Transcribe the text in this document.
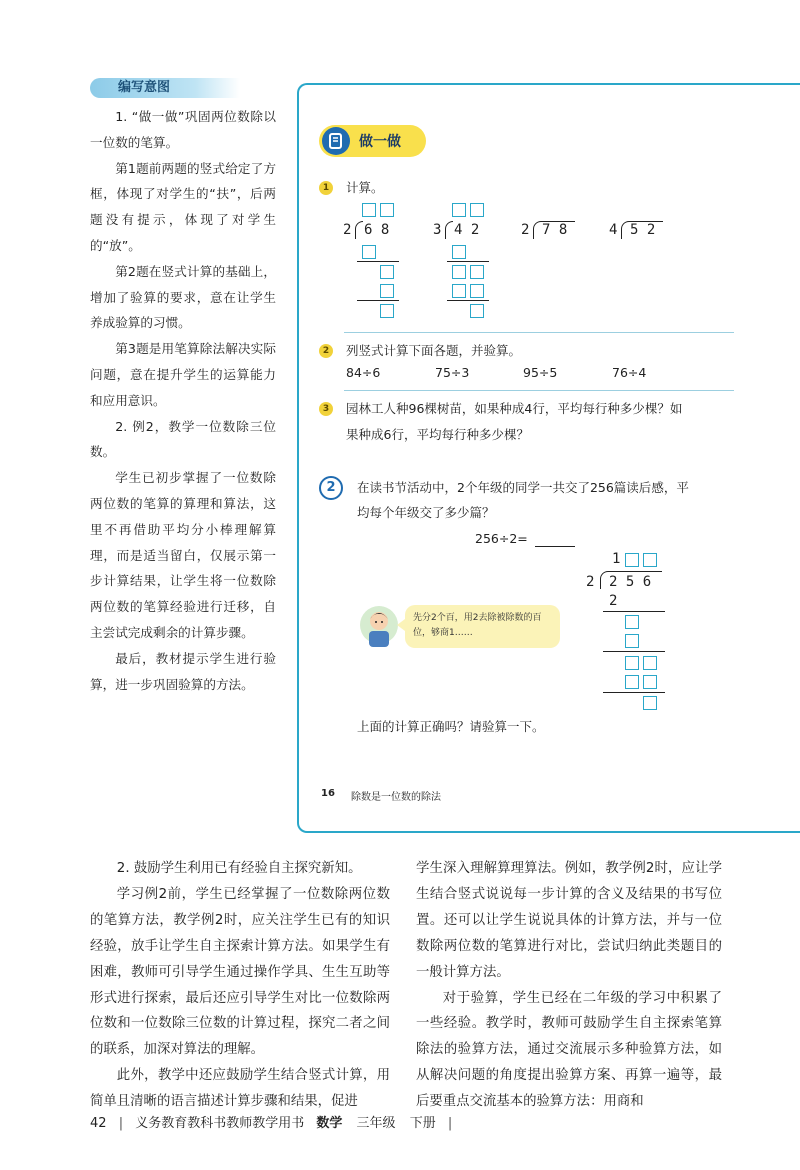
编写意图

1. “做一做”巩固两位数除以一位数的笔算。

第1题前两题的竖式给定了方框，体现了对学生的“扶”，后两题没有提示，体现了对学生的“放”。

第2题在竖式计算的基础上，增加了验算的要求，意在让学生养成验算的习惯。

第3题是用笔算除法解决实际问题，意在提升学生的运算能力和应用意识。

2. 例2，教学一位数除三位数。

学生已初步掌握了一位数除两位数的笔算的算理和算法，这里不再借助平均分小棒理解算理，而是适当留白，仅展示第一步计算结果，让学生将一位数除两位数的笔算经验进行迁移，自主尝试完成剩余的计算步骤。

最后，教材提示学生进行验算，进一步巩固验算的方法。

做一做
1	计算。
2 6 8	3 4 2	2 7 8	4 5 2
2	列竖式计算下面各题，并验算。
84÷6	75÷3	95÷5	76÷4
3	园林工人种96棵树苗，如果种成4行，平均每行种多少棵？如
果种成6行，平均每行种多少棵？
2	在读书节活动中，2个年级的同学一共交了256篇读后感，平
均每个年级交了多少篇？
256÷2=
1
2 2 5 6
2
先分2个百，用2去除被除数的百位，够商1……
上面的计算正确吗？请验算一下。
16 除数是一位数的除法

2. 鼓励学生利用已有经验自主探究新知。

学习例2前，学生已经掌握了一位数除两位数的笔算方法，教学例2时，应关注学生已有的知识经验，放手让学生自主探索计算方法。如果学生有困难，教师可引导学生通过操作学具、生生互助等形式进行探索，最后还应引导学生对比一位数除两位数和一位数除三位数的计算过程，探究二者之间的联系，加深对算法的理解。

此外，教学中还应鼓励学生结合竖式计算，用简单且清晰的语言描述计算步骤和结果，促进

学生深入理解算理算法。例如，教学例2时，应让学生结合竖式说说每一步计算的含义及结果的书写位置。还可以让学生说说具体的计算方法，并与一位数除两位数的笔算进行对比，尝试归纳此类题目的一般计算方法。

对于验算，学生已经在二年级的学习中积累了一些经验。教学时，教师可鼓励学生自主探索笔算除法的验算方法，通过交流展示多种验算方法，如从解决问题的角度提出验算方案、再算一遍等，最后要重点交流基本的验算方法：用商和

42 | 义务教育教科书教师教学用书 数学 三年级 下册 |
